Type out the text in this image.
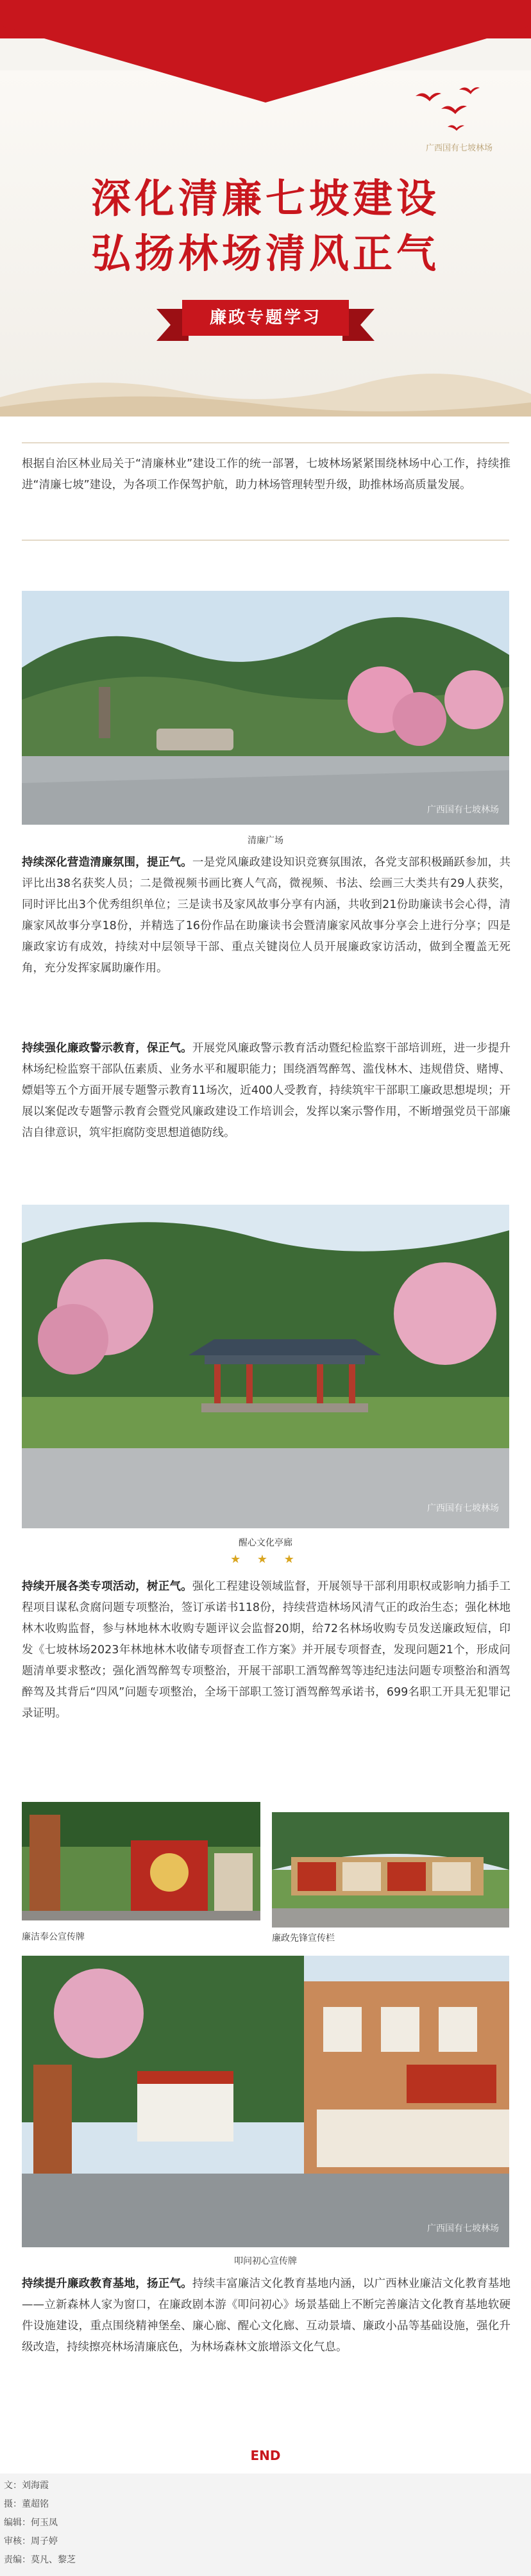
广西国有七坡林场
深化清廉七坡建设
弘扬林场清风正气
廉政专题学习
根据自治区林业局关于“清廉林业”建设工作的统一部署，七坡林场紧紧围绕林场中心工作，持续推进“清廉七坡”建设，为各项工作保驾护航，助力林场管理转型升级，助推林场高质量发展。
广西国有七坡林场
清廉广场
持续深化营造清廉氛围，提正气。一是党风廉政建设知识竞赛氛围浓，各党支部积极踊跃参加，共评比出38名获奖人员；二是微视频书画比赛人气高，微视频、书法、绘画三大类共有29人获奖，同时评比出3个优秀组织单位；三是读书及家风故事分享有内涵，共收到21份助廉读书会心得，清廉家风故事分享18份，并精选了16份作品在助廉读书会暨清廉家风故事分享会上进行分享；四是廉政家访有成效，持续对中层领导干部、重点关键岗位人员开展廉政家访活动，做到全覆盖无死角，充分发挥家属助廉作用。
持续强化廉政警示教育，保正气。开展党风廉政警示教育活动暨纪检监察干部培训班，进一步提升林场纪检监察干部队伍素质、业务水平和履职能力；围绕酒驾醉驾、滥伐林木、违规借贷、赌博、嫖娼等五个方面开展专题警示教育11场次，近400人受教育，持续筑牢干部职工廉政思想堤坝；开展以案促改专题警示教育会暨党风廉政建设工作培训会，发挥以案示警作用，不断增强党员干部廉洁自律意识，筑牢拒腐防变思想道德防线。
广西国有七坡林场
醒心文化亭廊
★ ★ ★
持续开展各类专项活动，树正气。强化工程建设领域监督，开展领导干部利用职权或影响力插手工程项目谋私贪腐问题专项整治，签订承诺书118份，持续营造林场风清气正的政治生态；强化林地林木收购监督，参与林地林木收购专题评议会监督20期，给72名林场收购专员发送廉政短信，印发《七坡林场2023年林地林木收储专项督查工作方案》并开展专项督查，发现问题21个，形成问题清单要求整改；强化酒驾醉驾专项整治，开展干部职工酒驾醉驾等违纪违法问题专项整治和酒驾醉驾及其背后“四风”问题专项整治，全场干部职工签订酒驾醉驾承诺书，699名职工开具无犯罪记录证明。
廉洁奉公宣传牌	廉政先锋宣传栏
广西国有七坡林场
叩问初心宣传牌
持续提升廉政教育基地，扬正气。持续丰富廉洁文化教育基地内涵，以广西林业廉洁文化教育基地——立新森林人家为窗口，在廉政剧本游《叩问初心》场景基础上不断完善廉洁文化教育基地软硬件设施建设，重点围绕精神堡垒、廉心廊、醒心文化廊、互动景墙、廉政小品等基础设施，强化升级改造，持续擦亮林场清廉底色，为林场森林文旅增添文化气息。
END
文：刘海霞
摄：董超铭
编辑：何玉凤
审核：周子婷
责编：莫凡、黎芝
